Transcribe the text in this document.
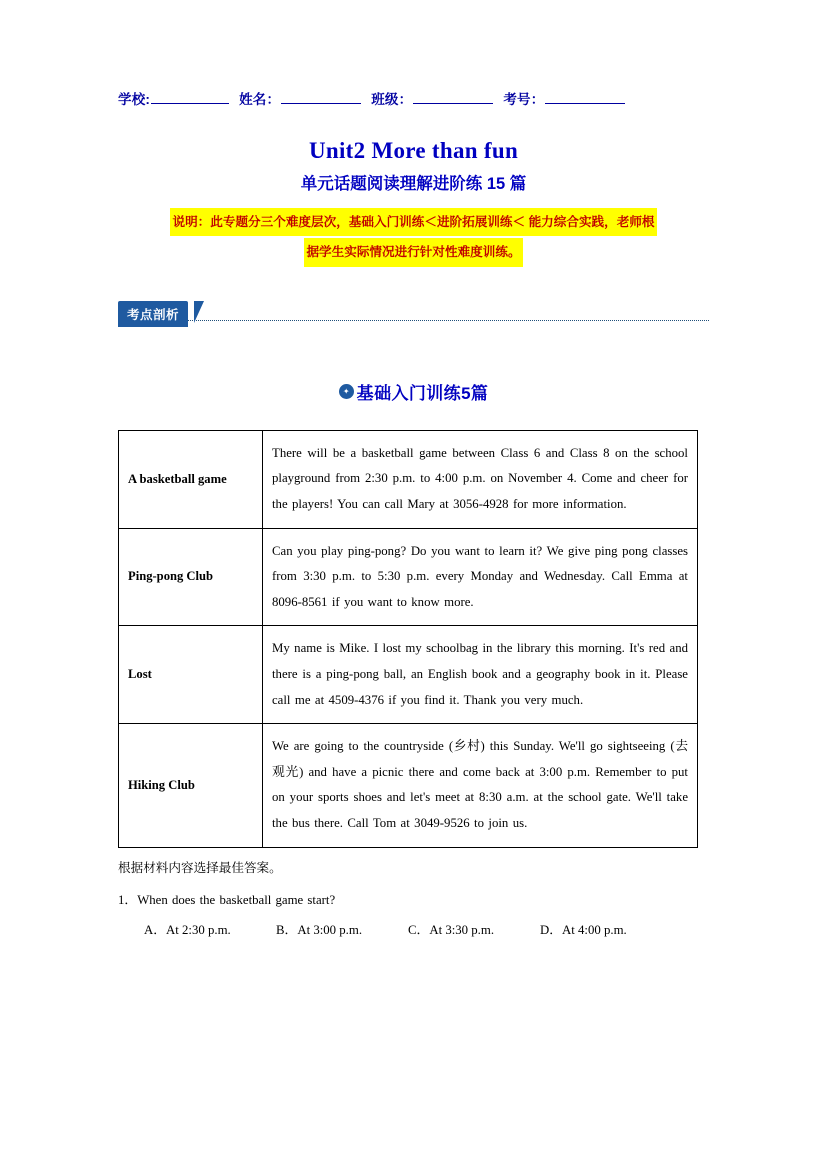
学校:	姓名：	班级：	考号：
Unit2 More than fun
单元话题阅读理解进阶练 15 篇
说明：此专题分三个难度层次，基础入门训练＜进阶拓展训练＜ 能力综合实践，老师根
据学生实际情况进行针对性难度训练。
考点剖析
✦ 基础入门训练5篇
A basketball game	There will be a basketball game between Class 6 and Class 8 on the school playground from 2:30 p.m. to 4:00 p.m. on November 4. Come and cheer for the players! You can call Mary at 3056-4928 for more information.
Ping-pong Club	Can you play ping-pong? Do you want to learn it? We give ping pong classes from 3:30 p.m. to 5:30 p.m. every Monday and Wednesday. Call Emma at 8096-8561 if you want to know more.
Lost	My name is Mike. I lost my schoolbag in the library this morning. It's red and there is a ping-pong ball, an English book and a geography book in it. Please call me at 4509-4376 if you find it. Thank you very much.
Hiking Club	We are going to the countryside (乡村) this Sunday. We'll go sightseeing (去观光) and have a picnic there and come back at 3:00 p.m. Remember to put on your sports shoes and let's meet at 8:30 a.m. at the school gate. We'll take the bus there. Call Tom at 3049-9526 to join us.
根据材料内容选择最佳答案。
1．When does the basketball game start?
A．At 2:30 p.m.	B．At 3:00 p.m.	C．At 3:30 p.m.	D．At 4:00 p.m.
